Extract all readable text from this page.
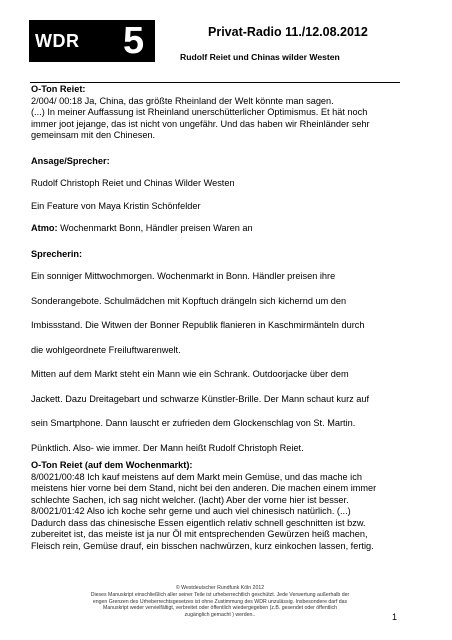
WDR 5	Privat-Radio 11./12.08.2012
Rudolf Reiet und Chinas wilder Westen

O-Ton Reiet:

2/004/ 00:18 Ja, China, das größte Rheinland der Welt könnte man sagen.

(...) In meiner Auffassung ist Rheinland unerschütterlicher Optimismus. Et hät noch

immer joot jejange, das ist nicht von ungefähr. Und das haben wir Rheinländer sehr

gemeinsam mit den Chinesen.

Ansage/Sprecher:

Rudolf Christoph Reiet und Chinas Wilder Westen

Ein Feature von Maya Kristin Schönfelder

Atmo: Wochenmarkt Bonn, Händler preisen Waren an

Sprecherin:

Ein sonniger Mittwochmorgen. Wochenmarkt in Bonn. Händler preisen ihre

Sonderangebote. Schulmädchen mit Kopftuch drängeln sich kichernd um den

Imbissstand. Die Witwen der Bonner Republik flanieren in Kaschmirmänteln durch

die wohlgeordnete Freiluftwarenwelt.

Mitten auf dem Markt steht ein Mann wie ein Schrank. Outdoorjacke über dem

Jackett. Dazu Dreitagebart und schwarze Künstler-Brille. Der Mann schaut kurz auf

sein Smartphone. Dann lauscht er zufrieden dem Glockenschlag von St. Martin.

Pünktlich. Also- wie immer. Der Mann heißt Rudolf Christoph Reiet.

O-Ton Reiet (auf dem Wochenmarkt):

8/0021/00:48 Ich kauf meistens auf dem Markt mein Gemüse, und das mache ich

meistens hier vorne bei dem Stand, nicht bei den anderen. Die machen einem immer

schlechte Sachen, ich sag nicht welcher. (lacht) Aber der vorne hier ist besser.

8/0021/01:42 Also ich koche sehr gerne und auch viel chinesisch natürlich. (...)

Dadurch dass das chinesische Essen eigentlich relativ schnell geschnitten ist bzw.

zubereitet ist, das meiste ist ja nur Öl mit entsprechenden Gewürzen heiß machen,

Fleisch rein, Gemüse drauf, ein bisschen nachwürzen, kurz einkochen lassen, fertig.

© Westdeutscher Rundfunk Köln 2012
Dieses Manuskript einschließlich aller seiner Teile ist urheberrechtlich geschützt. Jede Verwertung außerhalb der
engen Grenzen des Urheberrechtsgesetzes ist ohne Zustimmung des WDR unzulässig. Insbesondere darf das
Manuskript weder vervielfältigt, verbreitet oder öffentlich wiedergegeben (z.B. gesendet oder öffentlich
zugänglich gemacht ) werden..	1
